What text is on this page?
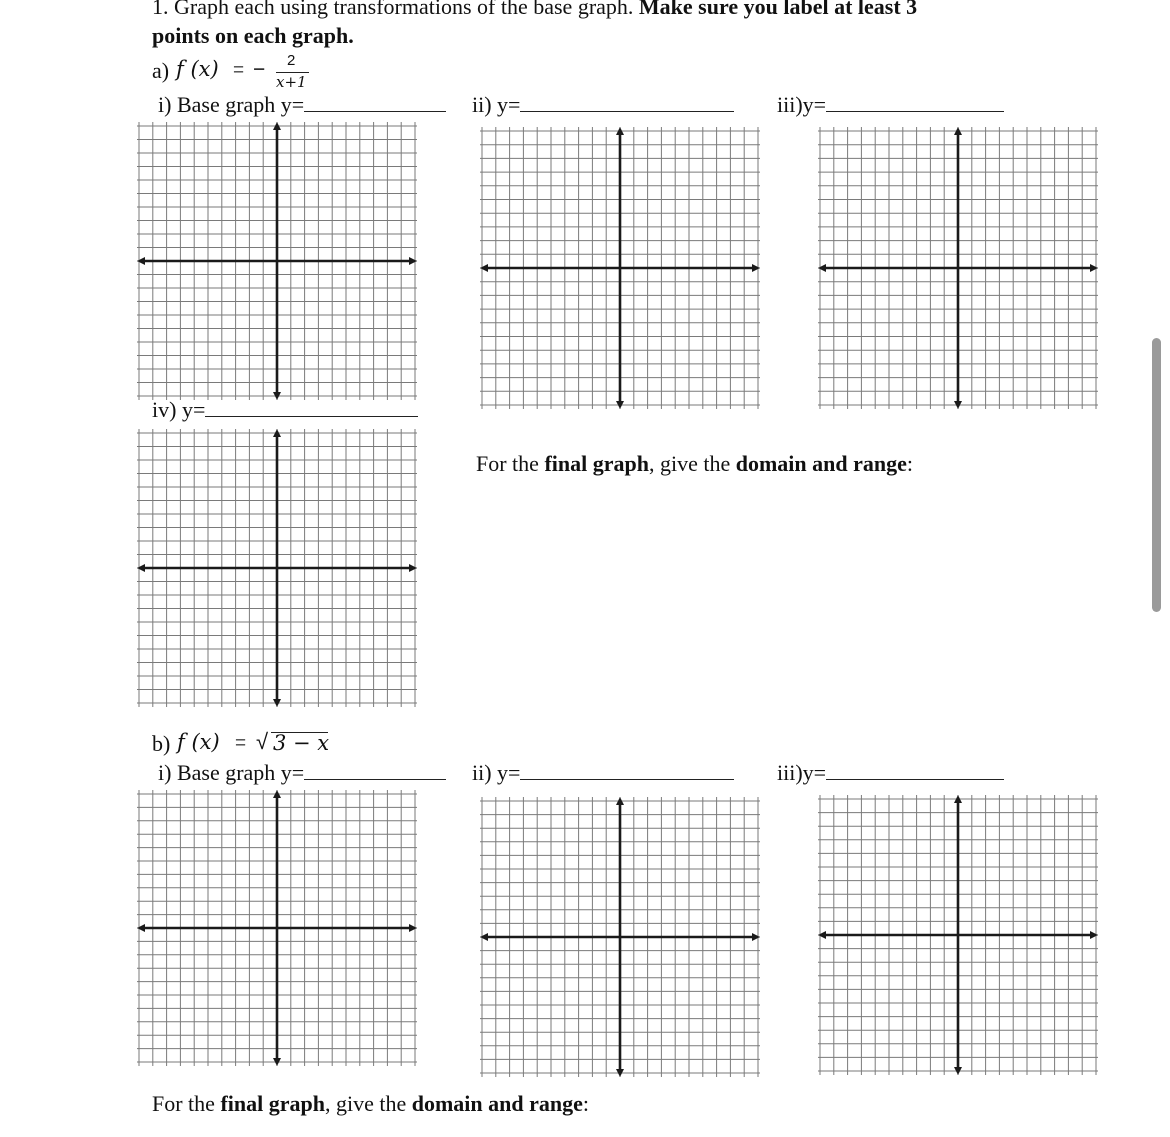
1. Graph each using transformations of the base graph. Make sure you label at least 3
points on each graph.
a) f (x) = − 2
x+1
i) Base graph y=	ii) y=	iii)y=
iv) y=
For the final graph, give the domain and range:
b) f (x) = √ 3 − x
i) Base graph y=	ii) y=	iii)y=
For the final graph, give the domain and range:
